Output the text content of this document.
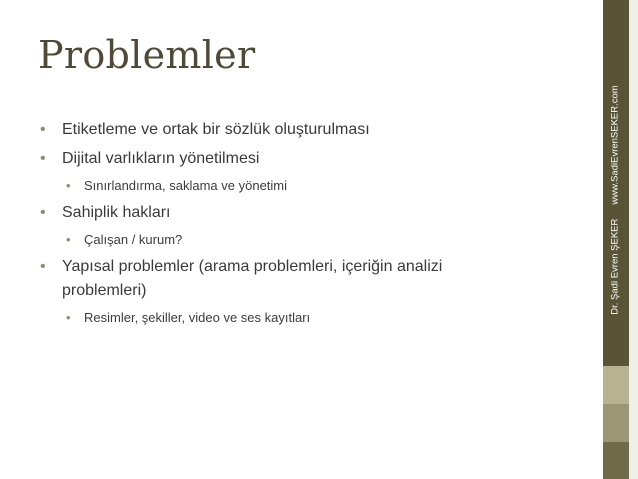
Problemler
• Etiketleme ve ortak bir sözlük oluşturulması
• Dijital varlıkların yönetilmesi
• Sınırlandırma, saklama ve yönetimi
• Sahiplik hakları
• Çalışan / kurum?
• Yapısal problemler (arama problemleri, içeriğin analizi
problemleri)
• Resimler, şekiller, video ve ses kayıtları
Dr. Şadi Evren ŞEKERwww.SadiEvrenSEKER.com
